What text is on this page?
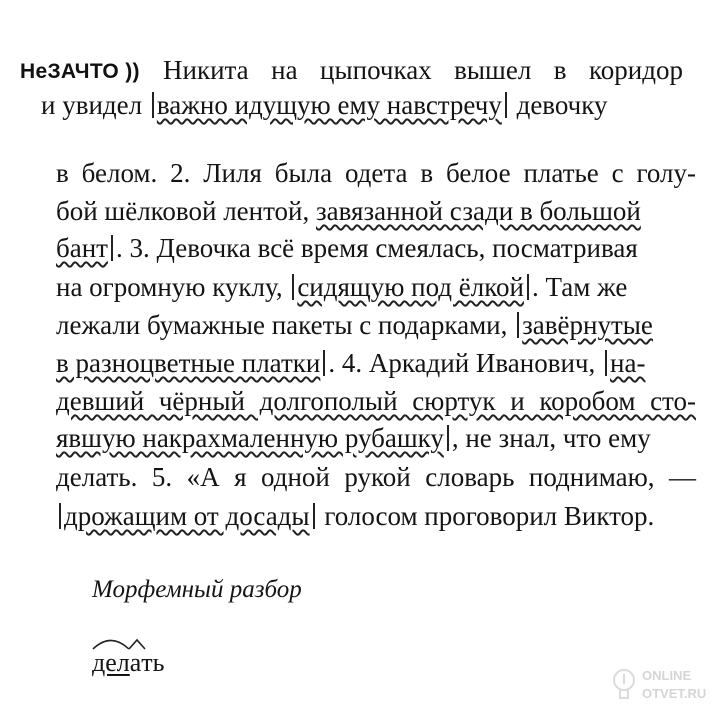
НеЗАЧТО )) Никита на цыпочках вышел в коридор
и увидел важно идущую ему навстречу девочку
в белом. 2. Лиля была одета в белое платье с голу-
бой шёлковой лентой, завязанной сзади в большой
бант . 3. Девочка всё время смеялась, посматривая
на огромную куклу, сидящую под ёлкой . Там же
лежали бумажные пакеты с подарками, завёрнутые
в разноцветные платки . 4. Аркадий Иванович, на-
девший чёрный долгополый сюртук и коробом сто-
явшую накрахмаленную рубашку , не знал, что ему
делать. 5. «А я одной рукой словарь поднимаю, —
дрожащим от досады голосом проговорил Виктор.
Морфемный разбор
дел
ать	ONLINE
OTVET.RU
